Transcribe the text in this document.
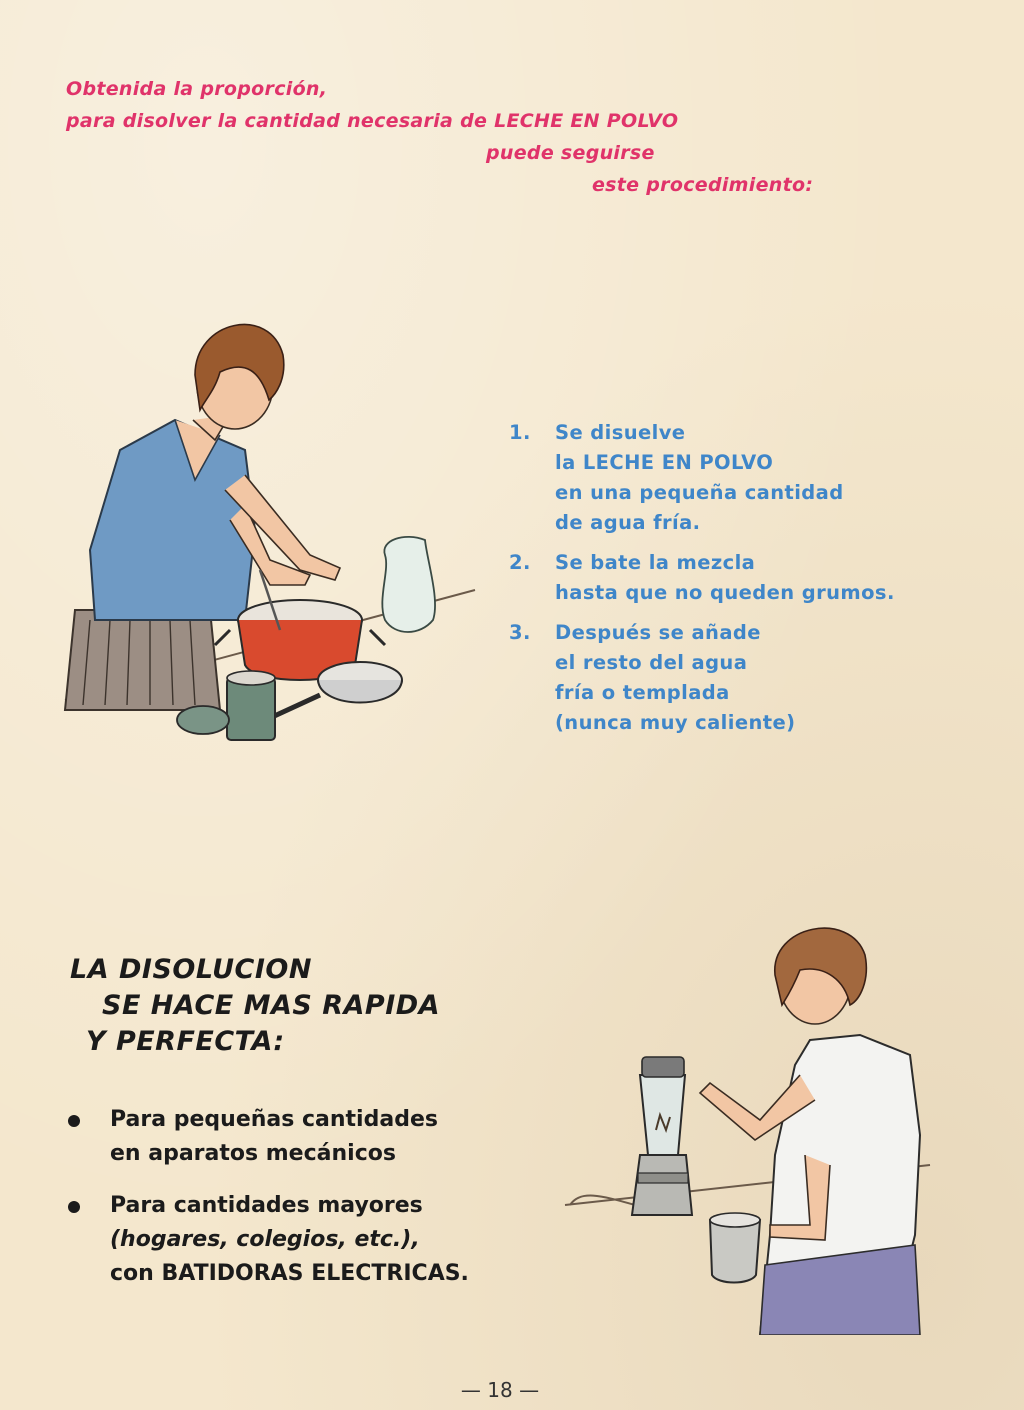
Obtenida la proporción,
para disolver la cantidad necesaria de LECHE EN POLVO
puede seguirse
este procedimiento:
1. Se disuelve
la LECHE EN POLVO
en una pequeña cantidad
de agua fría.
2. Se bate la mezcla
hasta que no queden grumos.
3. Después se añade
el resto del agua
fría o templada
(nunca muy caliente)
LA DISOLUCION
SE HACE MAS RAPIDA
Y PERFECTA:
Para pequeñas cantidades
en aparatos mecánicos
Para cantidades mayores
(hogares, colegios, etc.),
con BATIDORAS ELECTRICAS.
— 18 —
